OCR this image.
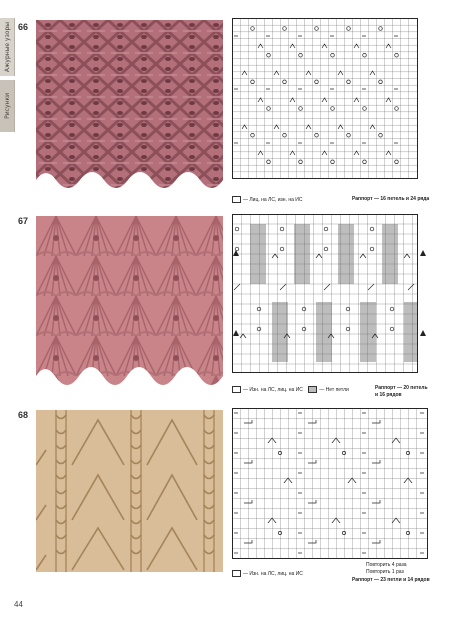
Ажурные узоры
Рисунки
66
— Лиц. на ЛС, изн. на ИС	Раппорт — 16 петель и 24 ряда
67
— Изн. на ЛС, лиц. на ИС	— Нет петли	Раппорт — 20 петель
и 16 рядов
68
Повторить 4 раза
Повторить 1 раз
— Изн. на ЛС, лиц. на ИС
Раппорт — 23 петли и 14 рядов
44
